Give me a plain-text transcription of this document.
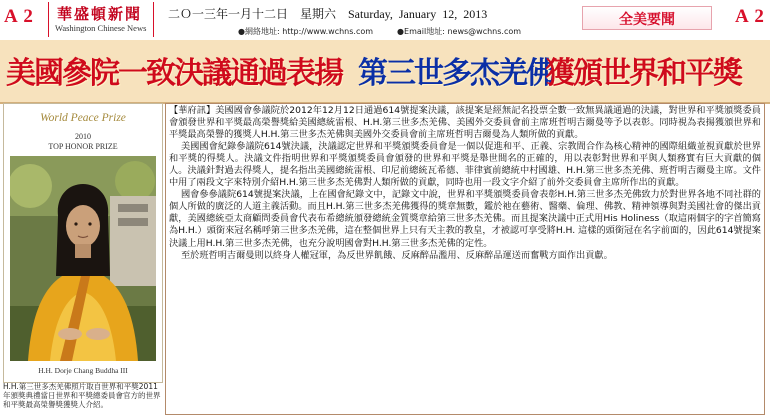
A 2 華盛頓新聞
Washington Chinese News
二Ｏ一三年一月十二日　星期六　Saturday, January 12, 2013
●網絡地址: http://www.wchns.com　　　●Email地址: news@wchns.com
全美要聞	A 2
美國參院一致決議通過表揚 第三世多杰羌佛
獲頒世界和平獎
World Peace Prize
2010
TOP HONOR PRIZE
H.H. Dorje Chang Buddha III
H.H.第三世多杰羌佛照片取自世界和平獎2011年頒獎典禮當日世界和平獎總委員會官方的世界和平獎最高榮譽獎獲獎人介紹。

【華府訊】美國國會參議院於2012年12月12日通過614號提案決議，該提案是經無記名投票全數一致無異議通過的決議，對世界和平獎頒獎委員會頒發世界和平獎最高榮譽獎給美國總統雷根、H.H.第三世多杰羌佛、美國外交委員會前主席班哲明吉爾曼等予以表彰。同時視為表揚獲頒世界和平獎最高榮譽的獲獎人H.H.第三世多杰羌佛與美國外交委員會前主席班哲明吉爾曼為人類所做的貢獻。

美國國會紀錄參議院614號決議，決議認定世界和平獎頒獎委員會是一個以促進和平、正義、宗教間合作為核心精神的國際組織並視貢獻於世界和平獎的得獎人。決議文件指明世界和平獎頒獎委員會頒發的世界和平獎是舉世間名的正確的，用以表彰對世界和平與人類務實有巨大貢獻的個人。決議針對過去得獎人，提名指出美國總統雷根、印尼前總統瓦希德、菲律賓前總統中村國雄、H.H.第三世多杰羌佛、班哲明吉爾曼主席。文件中用了兩段文字來特別介紹H.H.第三世多杰羌佛對人類所做的貢獻，同時也用一段文字介紹了前外交委員會主席所作出的貢獻。

國會參參議院614號提案決議，上在國會紀錄文中，記錄文中說，世界和平獎頒獎委員會表彰H.H.第三世多杰羌佛致力於對世界各地不同社群的個人所做的廣泛的人道主義活動。而且H.H.第三世多杰羌佛獲得的獎章無數，鑑於祂在藝術、醫藥、倫理、佛教、精神領導與對美國社會的傑出貢獻，美國總統亞太商顧問委員會代表布希總統頒發總統金質獎章給第三世多杰羌佛。而且提案決議中正式用His Holiness（取這兩個字的字首簡寫為H.H.）頭銜來冠名稱呼第三世多杰羌佛，這在整個世界上只有天主教的教皇，才被認可享受將H.H. 這樣的頭銜冠在名字前面的，因此614號提案決議上用H.H.第三世多杰羌佛，也充分說明國會對H.H.第三世多杰羌佛的定性。

至於班哲明吉爾曼則以終身人權冠軍，為反世界飢餓、反麻醉品濫用、反麻醉品運送而奮戰方面作出貢獻。
